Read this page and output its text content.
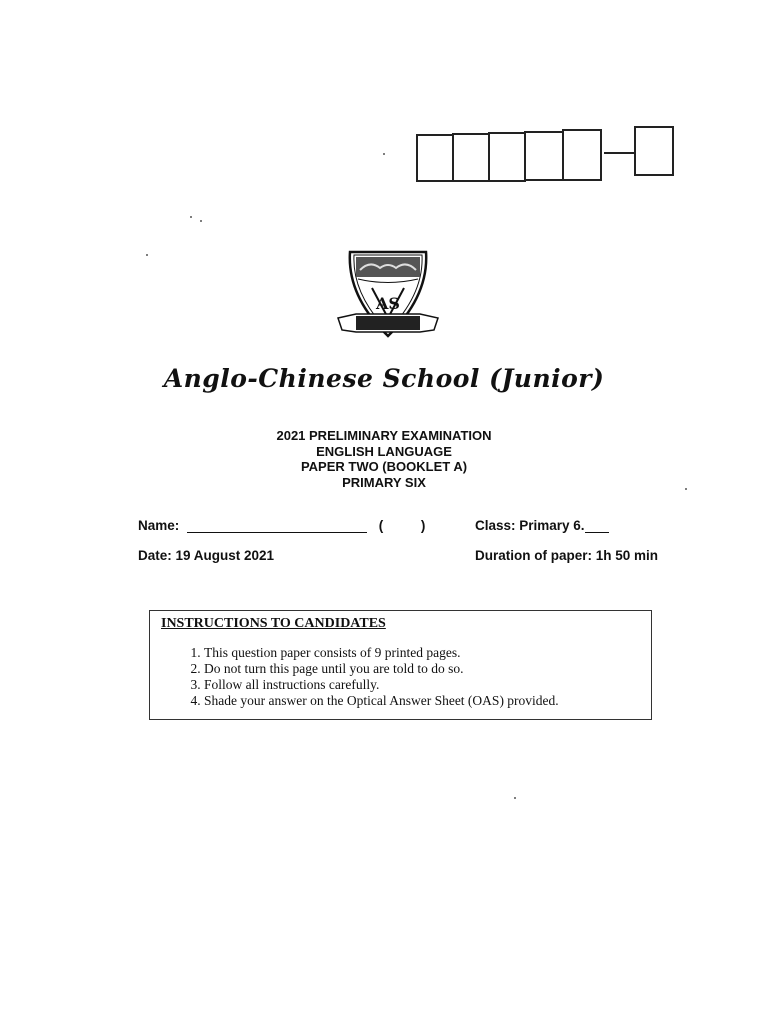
AS
Anglo-Chinese School (Junior)
2021 PRELIMINARY EXAMINATION
ENGLISH LANGUAGE
PAPER TWO (BOOKLET A)
PRIMARY SIX
Name:	(	)	Class: Primary 6.
Date: 19 August 2021	Duration of paper: 1h 50 min
INSTRUCTIONS TO CANDIDATES
1. This question paper consists of 9 printed pages.
2. Do not turn this page until you are told to do so.
3. Follow all instructions carefully.
4. Shade your answer on the Optical Answer Sheet (OAS) provided.
